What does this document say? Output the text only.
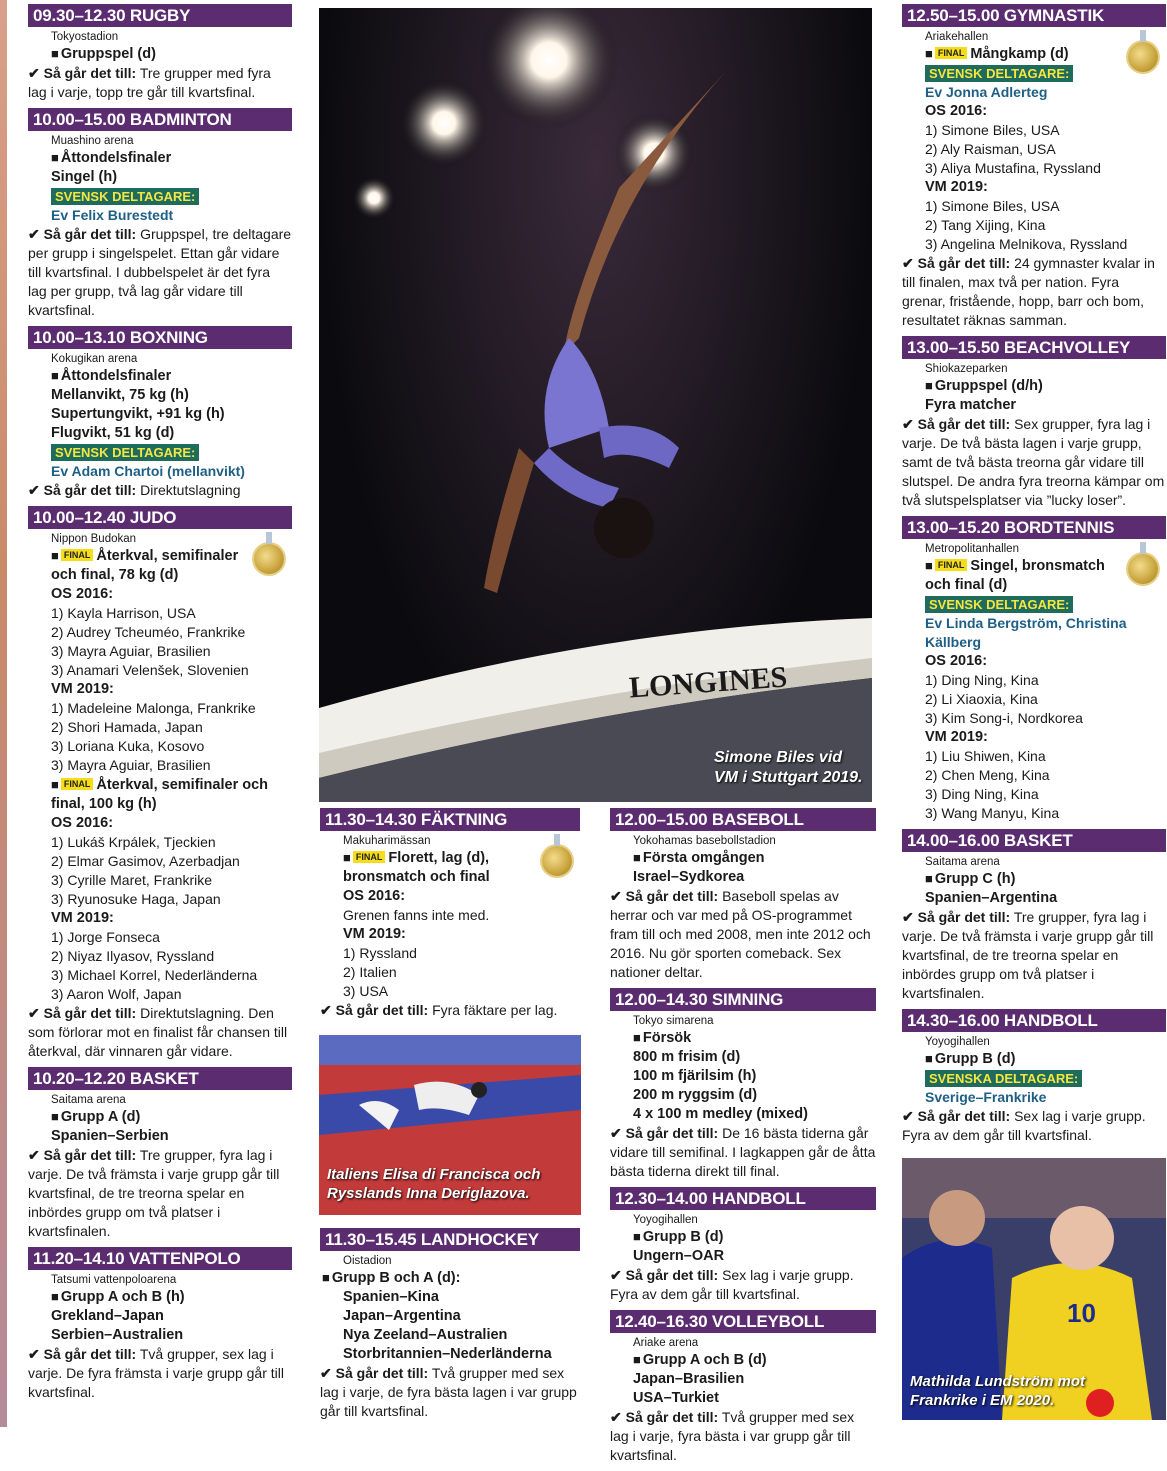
09.30–12.30 RUGBY
Tokyostadion
■ Gruppspel (d)
✔ Så går det till: Tre grupper med fyra lag i varje, topp tre går till kvartsfinal.
10.00–15.00 BADMINTON
Muashino arena
■ Åttondelsfinaler
Singel (h)
SVENSK DELTAGARE:
Ev Felix Burestedt
✔ Så går det till: Gruppspel, tre deltagare per grupp i singelspelet. Ettan går vidare till kvartsfinal. I dubbelspelet är det fyra lag per grupp, två lag går vidare till kvartsfinal.
10.00–13.10 BOXNING
Kokugikan arena
■ Åttondelsfinaler
Mellanvikt, 75 kg (h)
Supertungvikt, +91 kg (h)
Flugvikt, 51 kg (d)
SVENSK DELTAGARE:
Ev Adam Chartoi (mellanvikt)
✔ Så går det till: Direktutslagning
10.00–12.40 JUDO
Nippon Budokan
■ FINAL Återkval, semifinaler och final, 78 kg (d)
OS 2016:
1) Kayla Harrison, USA
2) Audrey Tcheuméo, Frankrike
3) Mayra Aguiar, Brasilien
3) Anamari Velenšek, Slovenien
VM 2019:
1) Madeleine Malonga, Frankrike
2) Shori Hamada, Japan
3) Loriana Kuka, Kosovo
3) Mayra Aguiar, Brasilien
■ FINAL Återkval, semifinaler och final, 100 kg (h)
OS 2016:
1) Lukáš Krpálek, Tjeckien
2) Elmar Gasimov, Azerbadjan
3) Cyrille Maret, Frankrike
3) Ryunosuke Haga, Japan
VM 2019:
1) Jorge Fonseca
2) Niyaz Ilyasov, Ryssland
3) Michael Korrel, Nederländerna
3) Aaron Wolf, Japan
✔ Så går det till: Direktutslagning. Den som förlorar mot en finalist får chansen till återkval, där vinnaren går vidare.
10.20–12.20 BASKET
Saitama arena
■ Grupp A (d)
Spanien–Serbien
✔ Så går det till: Tre grupper, fyra lag i varje. De två främsta i varje grupp går till kvartsfinal, de tre treorna spelar en inbördes grupp om två platser i kvartsfinalen.
11.20–14.10 VATTENPOLO
Tatsumi vattenpoloarena
■ Grupp A och B (h)
Grekland–Japan
Serbien–Australien
✔ Så går det till: Två grupper, sex lag i varje. De fyra främsta i varje grupp går till kvartsfinal.
LONGINES
Simone Biles vid
VM i Stuttgart 2019.
11.30–14.30 FÄKTNING
Makuharimässan
■ FINAL Florett, lag (d), bronsmatch och final
OS 2016:
Grenen fanns inte med.
VM 2019:
1) Ryssland
2) Italien
3) USA
✔ Så går det till: Fyra fäktare per lag.
Italiens Elisa di Francisca och
Rysslands Inna Deriglazova.
11.30–15.45 LANDHOCKEY
Oistadion
■ Grupp B och A (d):
Spanien–Kina
Japan–Argentina
Nya Zeeland–Australien
Storbritannien–Nederländerna
✔ Så går det till: Två grupper med sex lag i varje, de fyra bästa lagen i var grupp går till kvartsfinal.
12.00–15.00 BASEBOLL
Yokohamas basebollstadion
■ Första omgången
Israel–Sydkorea
✔ Så går det till: Baseboll spelas av herrar och var med på OS-programmet fram till och med 2008, men inte 2012 och 2016. Nu gör sporten comeback. Sex nationer deltar.
12.00–14.30 SIMNING
Tokyo simarena
■ Försök
800 m frisim (d)
100 m fjärilsim (h)
200 m ryggsim (d)
4 x 100 m medley (mixed)
✔ Så går det till: De 16 bästa tiderna går vidare till semifinal. I lagkappen går de åtta bästa tiderna direkt till final.
12.30–14.00 HANDBOLL
Yoyogihallen
■ Grupp B (d)
Ungern–OAR
✔ Så går det till: Sex lag i varje grupp. Fyra av dem går till kvartsfinal.
12.40–16.30 VOLLEYBOLL
Ariake arena
■ Grupp A och B (d)
Japan–Brasilien
USA–Turkiet
✔ Så går det till: Två grupper med sex lag i varje, fyra bästa i var grupp går till kvartsfinal.
12.50–15.00 GYMNASTIK
Ariakehallen
■ FINAL Mångkamp (d)
SVENSK DELTAGARE:
Ev Jonna Adlerteg
OS 2016:
1) Simone Biles, USA
2) Aly Raisman, USA
3) Aliya Mustafina, Ryssland
VM 2019:
1) Simone Biles, USA
2) Tang Xijing, Kina
3) Angelina Melnikova, Ryssland
✔ Så går det till: 24 gymnaster kvalar in till finalen, max två per nation. Fyra grenar, fristående, hopp, barr och bom, resultatet räknas samman.
13.00–15.50 BEACHVOLLEY
Shiokazeparken
■ Gruppspel (d/h)
Fyra matcher
✔ Så går det till: Sex grupper, fyra lag i varje. De två bästa lagen i varje grupp, samt de två bästa treorna går vidare till slutspel. De andra fyra treorna kämpar om två slutspelsplatser via ”lucky loser”.
13.00–15.20 BORDTENNIS
Metropolitanhallen
■ FINAL Singel, bronsmatch och final (d)
SVENSK DELTAGARE:
Ev Linda Bergström, Christina Källberg
OS 2016:
1) Ding Ning, Kina
2) Li Xiaoxia, Kina
3) Kim Song-i, Nordkorea
VM 2019:
1) Liu Shiwen, Kina
2) Chen Meng, Kina
3) Ding Ning, Kina
3) Wang Manyu, Kina
14.00–16.00 BASKET
Saitama arena
■ Grupp C (h)
Spanien–Argentina
✔ Så går det till: Tre grupper, fyra lag i varje. De två främsta i varje grupp går till kvartsfinal, de tre treorna spelar en inbördes grupp om två platser i kvartsfinalen.
14.30–16.00 HANDBOLL
Yoyogihallen
■ Grupp B (d)
SVENSKA DELTAGARE:
Sverige–Frankrike
✔ Så går det till: Sex lag i varje grupp. Fyra av dem går till kvartsfinal.
10
Mathilda Lundström mot
Frankrike i EM 2020.
